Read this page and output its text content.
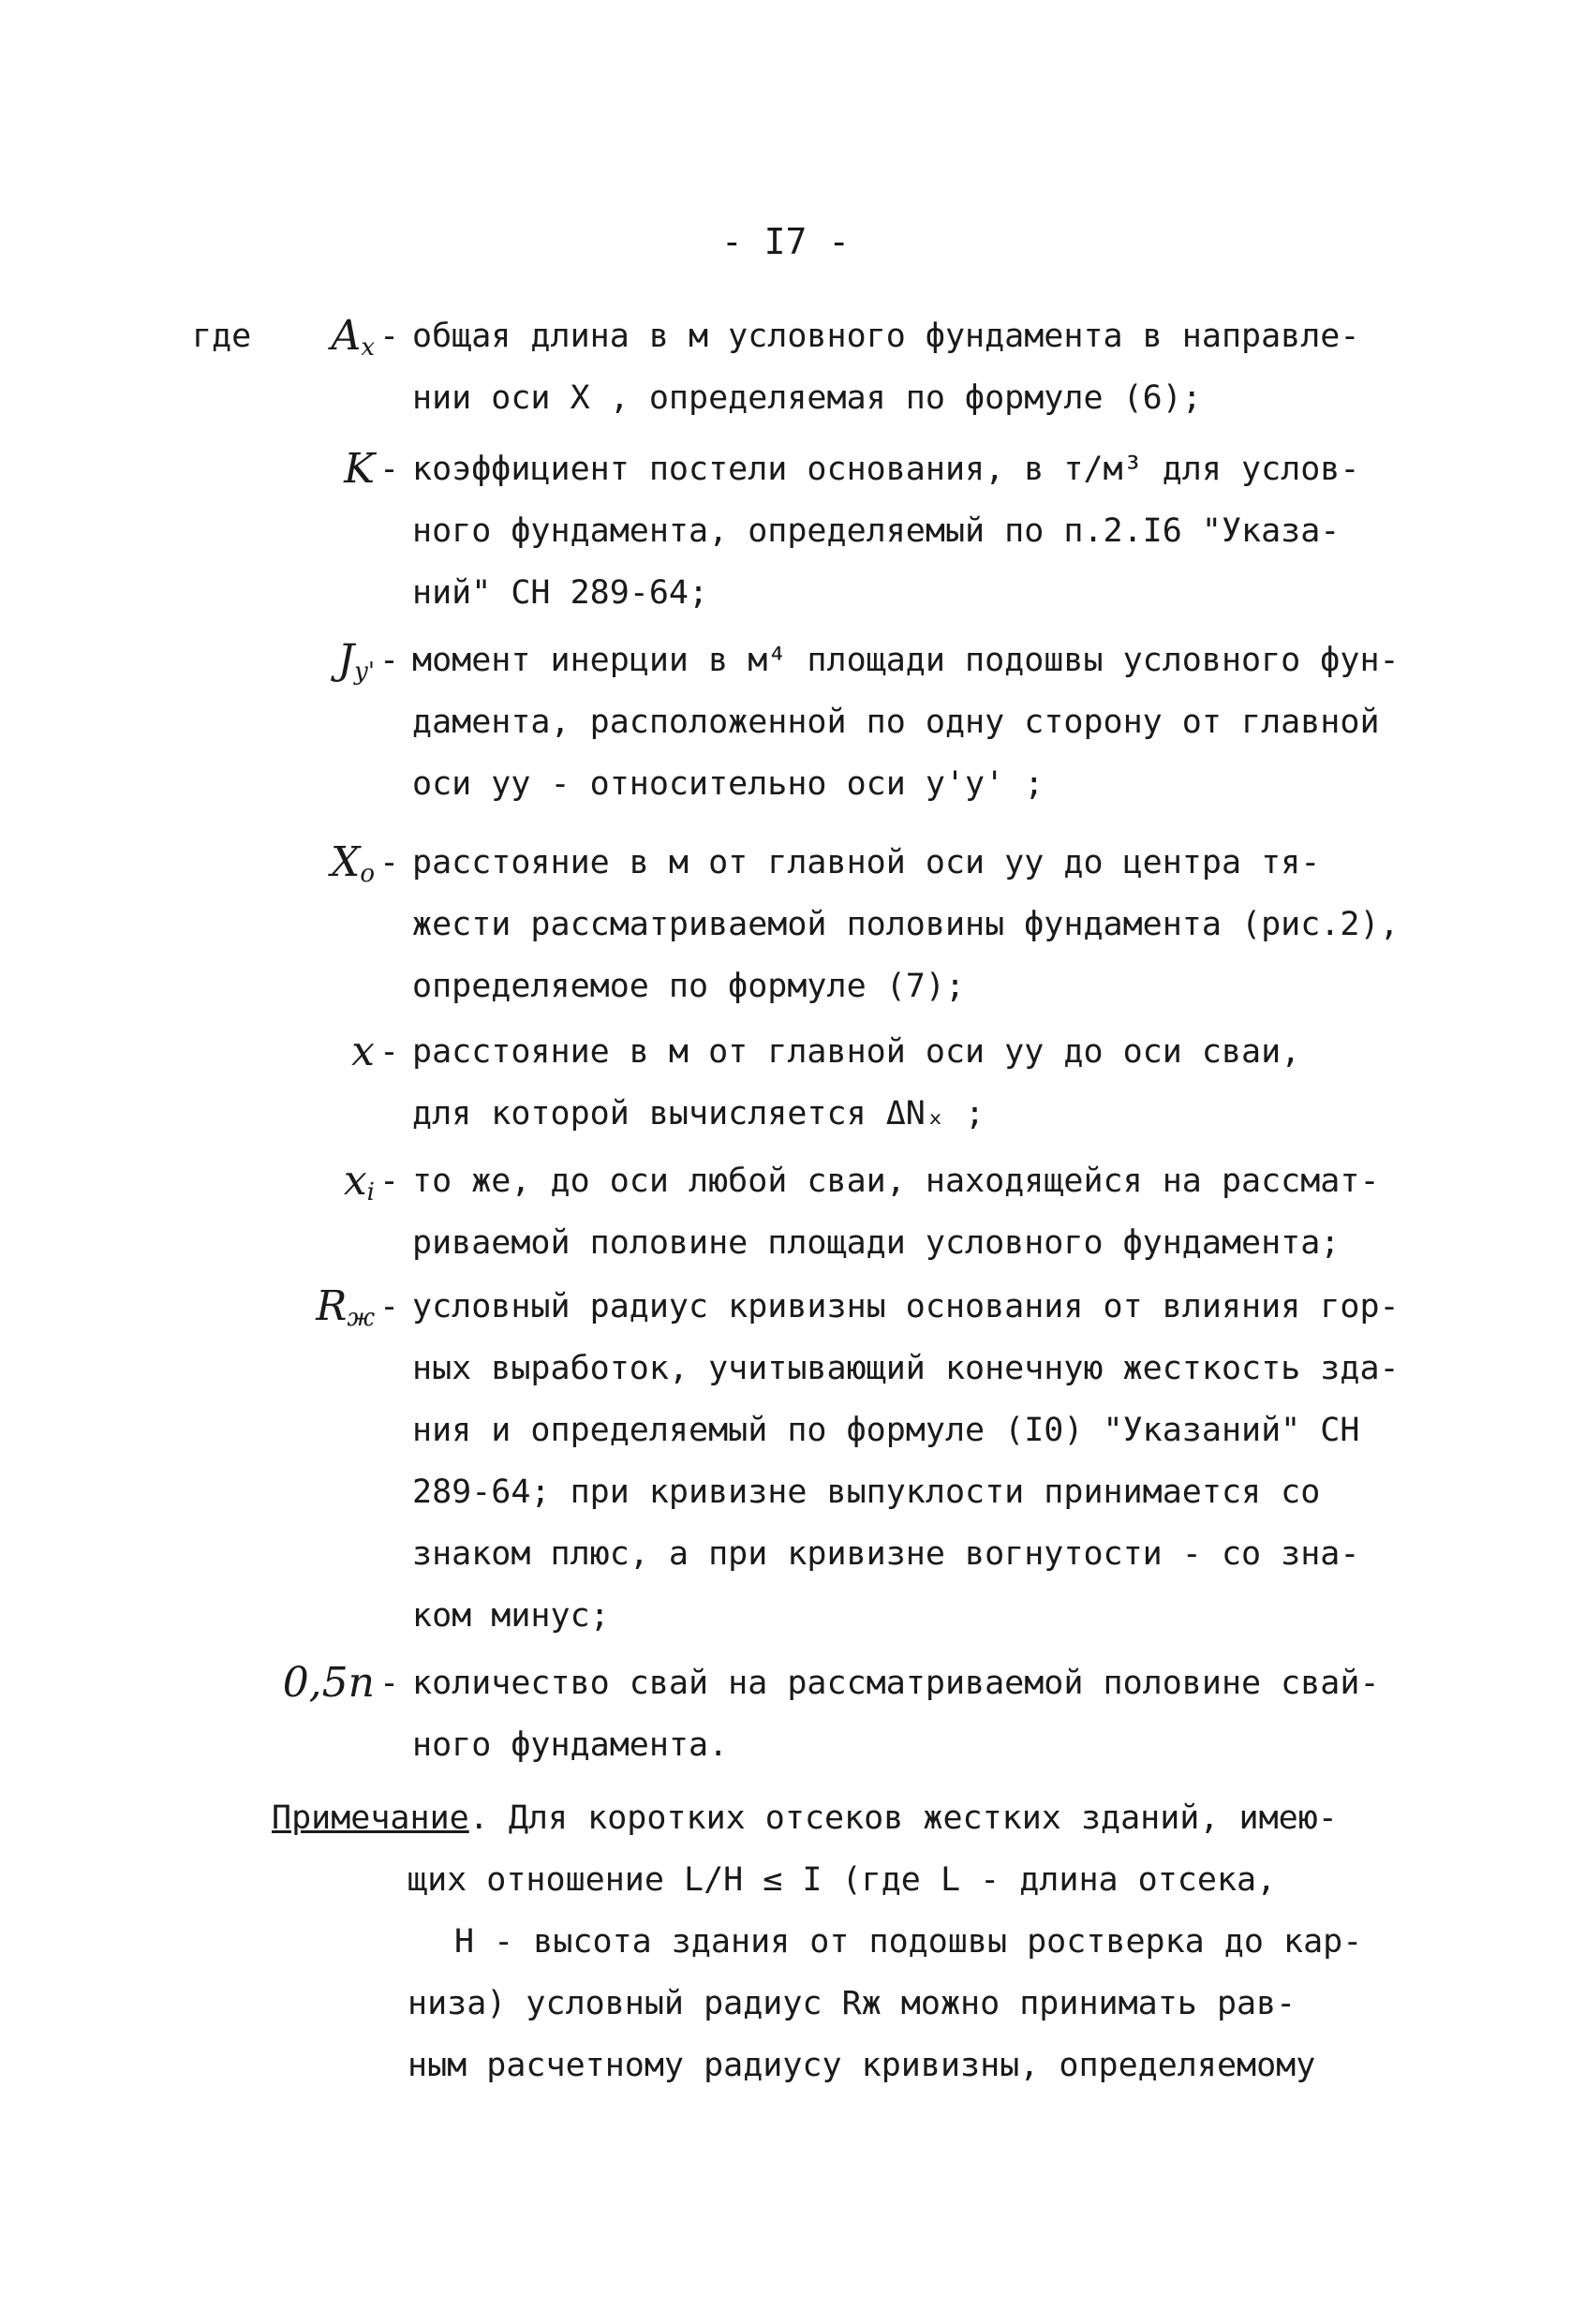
- I7 -
где	$A_x$ - общая длина в м условного фундамента в направле-

нии оси X , определяемая по формуле (6);

K - коэффициент постели основания, в т/м³ для услов-

ного фундамента, определяемый по п.2.I6 "Указа-

ний" СН 289-64;

$J_{y'}$ - момент инерции в м⁴ площади подошвы условного фун-

дамента, расположенной по одну сторону от главной

оси yy - относительно оси y'y' ;

$X_o$ - расстояние в м от главной оси yy до центра тя-

жести рассматриваемой половины фундамента (рис.2),

определяемое по формуле (7);

x - расстояние в м от главной оси yy до оси сваи,

для которой вычисляется ΔNₓ ;

$x_i$ - то же, до оси любой сваи, находящейся на рассмат-

риваемой половине площади условного фундамента;

$R_ж$ - условный радиус кривизны основания от влияния гор-

ных выработок, учитывающий конечную жесткость зда-

ния и определяемый по формуле (I0) "Указаний" СН

289-64; при кривизне выпуклости принимается со

знаком плюс, а при кривизне вогнутости - со зна-

ком минус;

0,5n - количество свай на рассматриваемой половине свай-

ного фундамента.

Примечание. Для коротких отсеков жестких зданий, имею-

щих отношение L/H ≤ I (где L - длина отсека,

H - высота здания от подошвы ростверка до кар-

низа) условный радиус Rж можно принимать рав-

ным расчетному радиусу кривизны, определяемому
